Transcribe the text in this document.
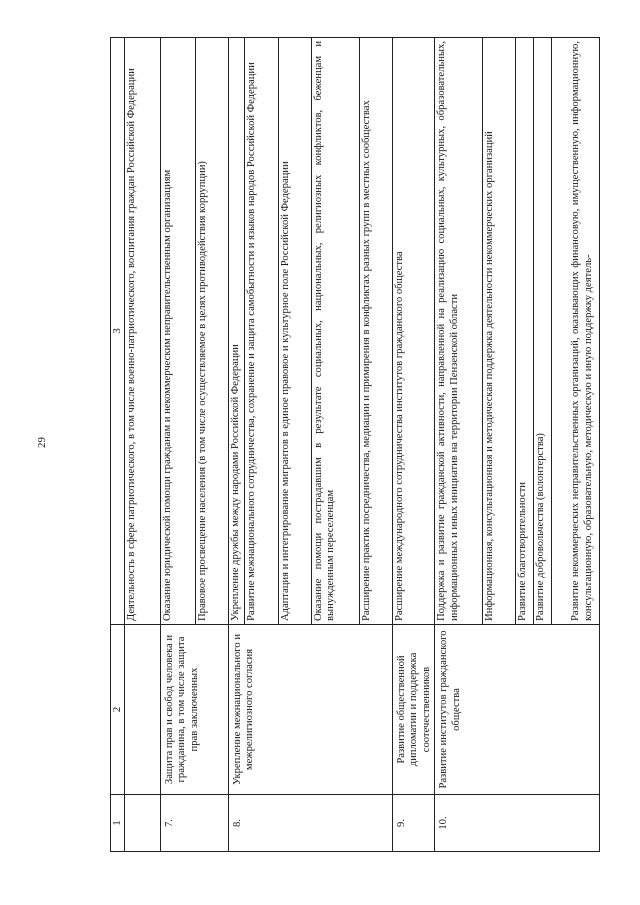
29
1	2	3
		Деятельность в сфере патриотического, в том числе военно-патриотического, воспитания граждан Российской Федерации
7.	Защита прав и свобод человека и гражданина, в том числе защита прав заключенных	Оказание юридической помощи гражданам и некоммерческим неправительственным организациям
		Правовое просвещение населения (в том числе осуществляемое в целях противодействия коррупции)
8.	Укрепление межнационального и межрелигиозного согласия	Укрепление дружбы между народами Российской Федерации
		Развитие межнационального сотрудничества, сохранение и защита самобытности и языков народов Российской Федерации
		Адаптация и интегрирование мигрантов в единое правовое и культурное поле Российской Федерации
		Оказание помощи пострадавшим в результате социальных, национальных, религиозных конфликтов, беженцам и вынужденным переселенцам
		Расширение практик посредничества, медиации и примирения в конфликтах разных групп в местных сообществах
9.	Развитие общественной дипломатии и поддержка соотечественников	Расширение международного сотрудничества институтов гражданского общества
10.	Развитие институтов гражданского общества	Поддержка и развитие гражданской активности, направленной на реализацию социальных, культурных, образовательных, информационных и иных инициатив на территории Пензенской области
		Информационная, консультационная и методическая поддержка деятельности некоммерческих организаций
		Развитие благотворительности
		Развитие добровольчества (волонтерства)
		Развитие некоммерческих неправительственных организаций, оказывающих финансовую, имущественную, информационную, консультационную, образовательную, методическую и иную поддержку деятель-
